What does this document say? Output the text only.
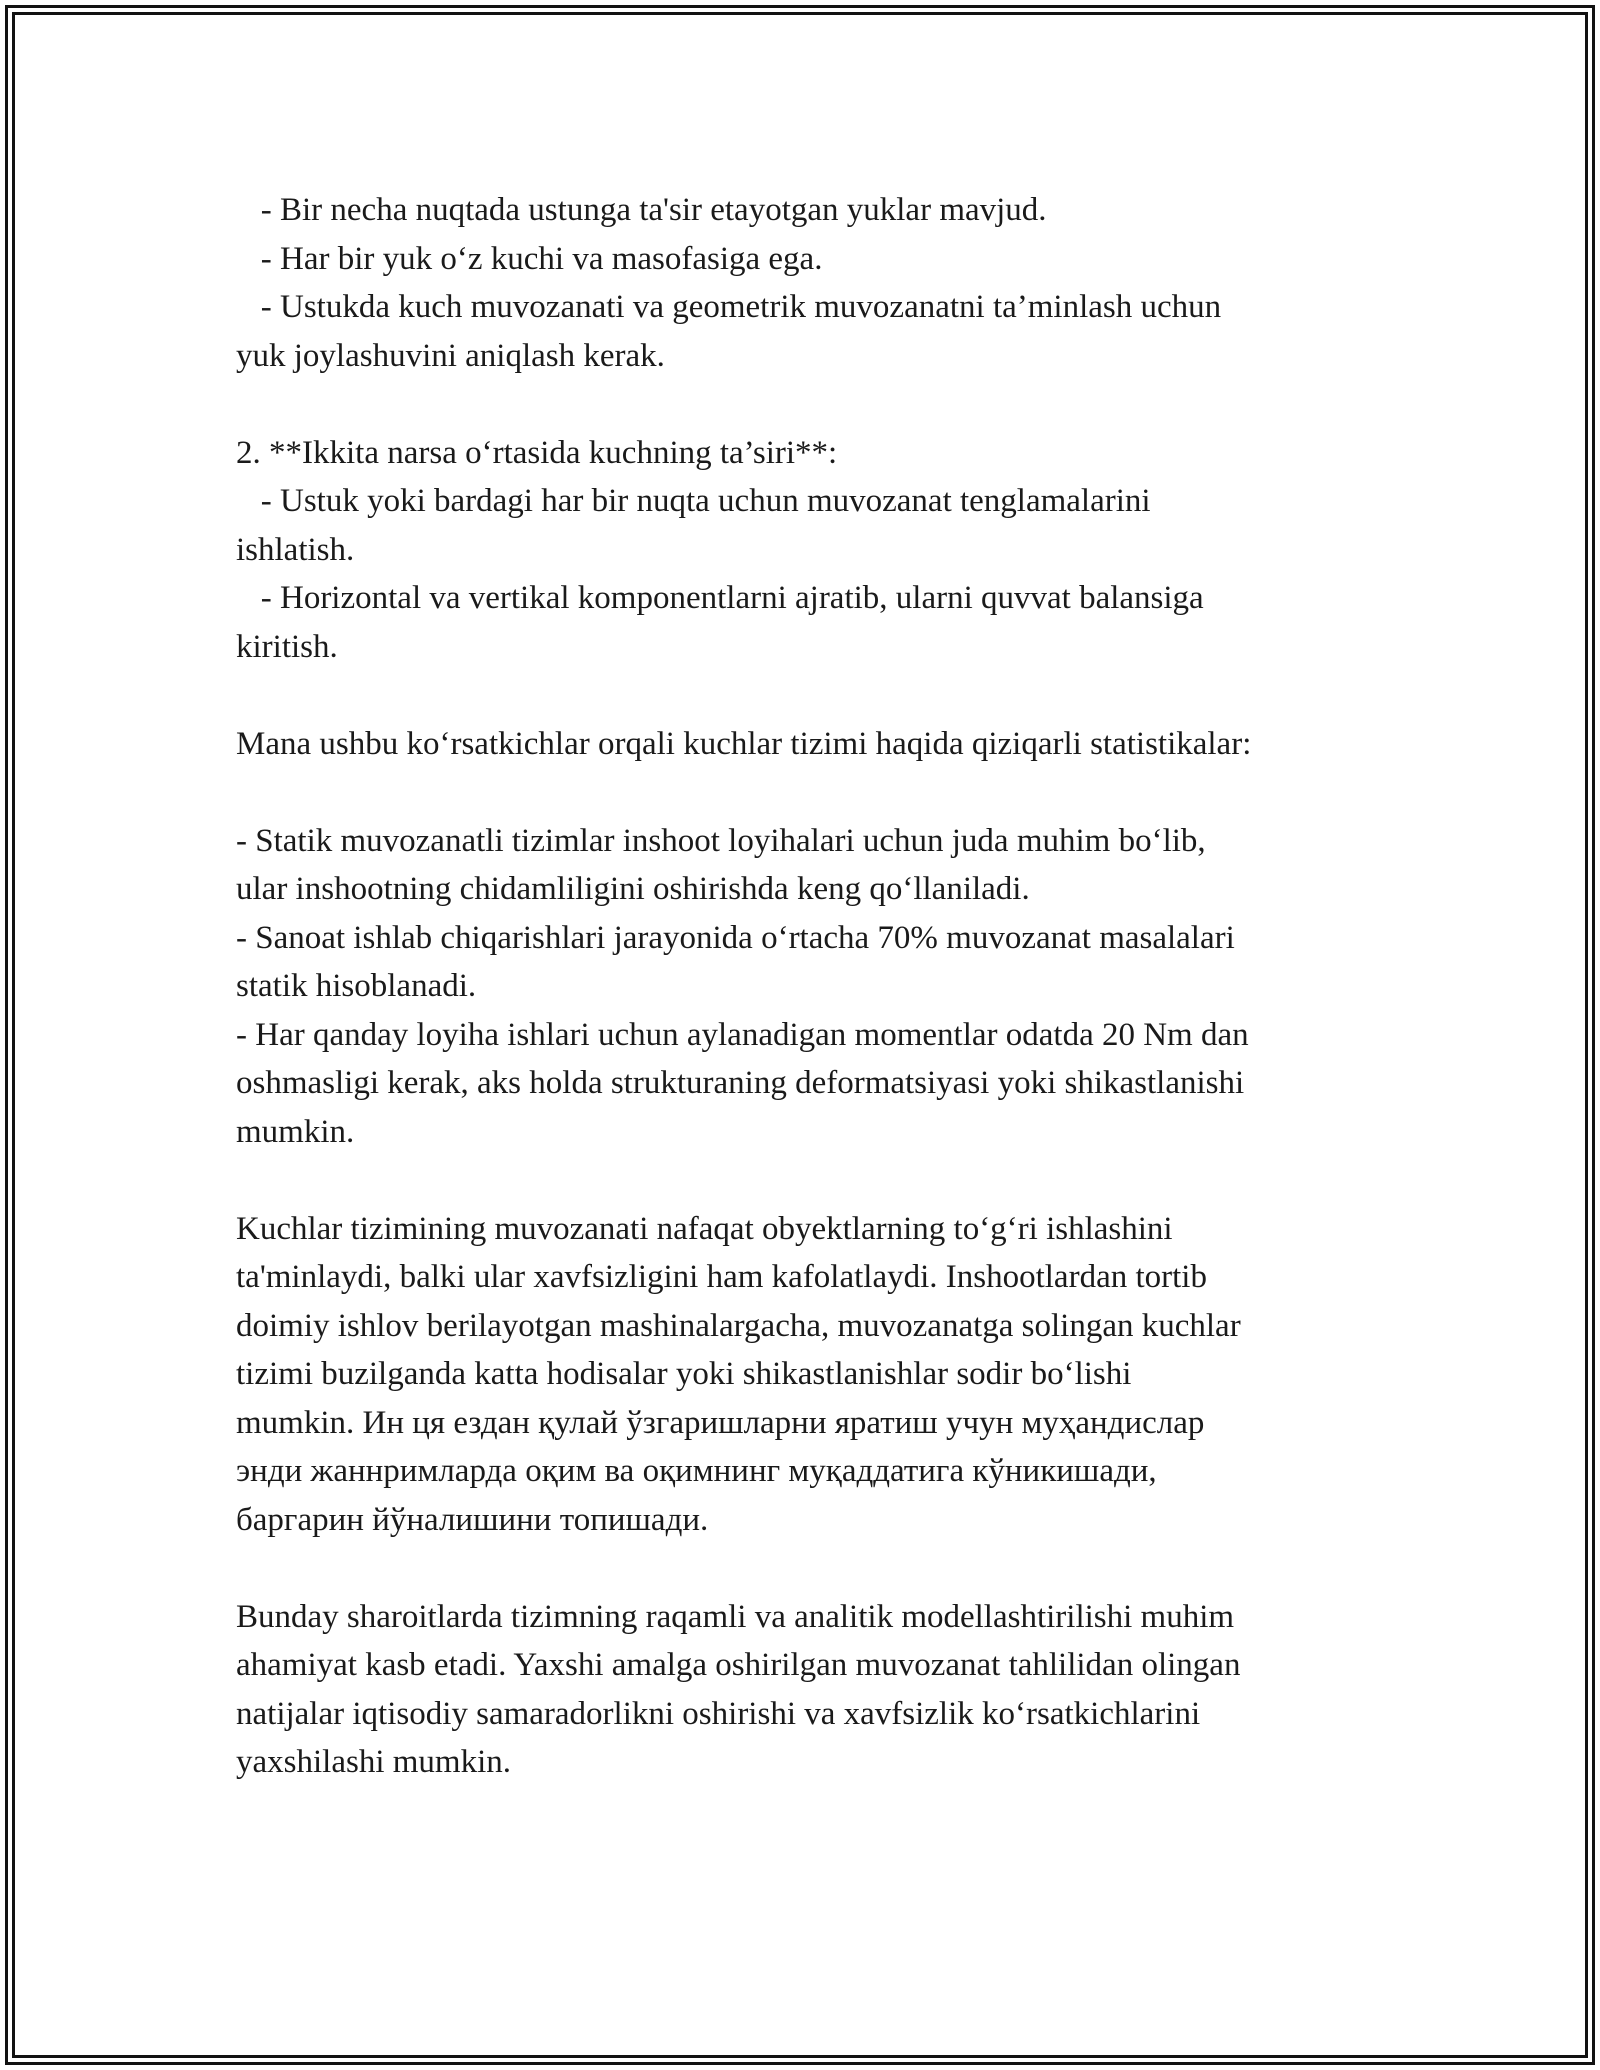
- Bir necha nuqtada ustunga ta'sir etayotgan yuklar mavjud.
- Har bir yuk o‘z kuchi va masofasiga ega.
- Ustukda kuch muvozanati va geometrik muvozanatni ta’minlash uchun
yuk joylashuvini aniqlash kerak.
2. **Ikkita narsa o‘rtasida kuchning ta’siri**:
- Ustuk yoki bardagi har bir nuqta uchun muvozanat tenglamalarini
ishlatish.
- Horizontal va vertikal komponentlarni ajratib, ularni quvvat balansiga
kiritish.
Mana ushbu ko‘rsatkichlar orqali kuchlar tizimi haqida qiziqarli statistikalar:
- Statik muvozanatli tizimlar inshoot loyihalari uchun juda muhim bo‘lib,
ular inshootning chidamliligini oshirishda keng qo‘llaniladi.
- Sanoat ishlab chiqarishlari jarayonida o‘rtacha 70% muvozanat masalalari
statik hisoblanadi.
- Har qanday loyiha ishlari uchun aylanadigan momentlar odatda 20 Nm dan
oshmasligi kerak, aks holda strukturaning deformatsiyasi yoki shikastlanishi
mumkin.
Kuchlar tizimining muvozanati nafaqat obyektlarning to‘g‘ri ishlashini
ta'minlaydi, balki ular xavfsizligini ham kafolatlaydi. Inshootlardan tortib
doimiy ishlov berilayotgan mashinalargacha, muvozanatga solingan kuchlar
tizimi buzilganda katta hodisalar yoki shikastlanishlar sodir bo‘lishi
mumkin. Ин ця ездан қулай ўзгаришларни яратиш учун муҳандислар
энди жаннримларда оқим ва оқимнинг муқаддатига кўникишади,
баргарин йўналишини топишади.
Bunday sharoitlarda tizimning raqamli va analitik modellashtirilishi muhim
ahamiyat kasb etadi. Yaxshi amalga oshirilgan muvozanat tahlilidan olingan
natijalar iqtisodiy samaradorlikni oshirishi va xavfsizlik ko‘rsatkichlarini
yaxshilashi mumkin.
